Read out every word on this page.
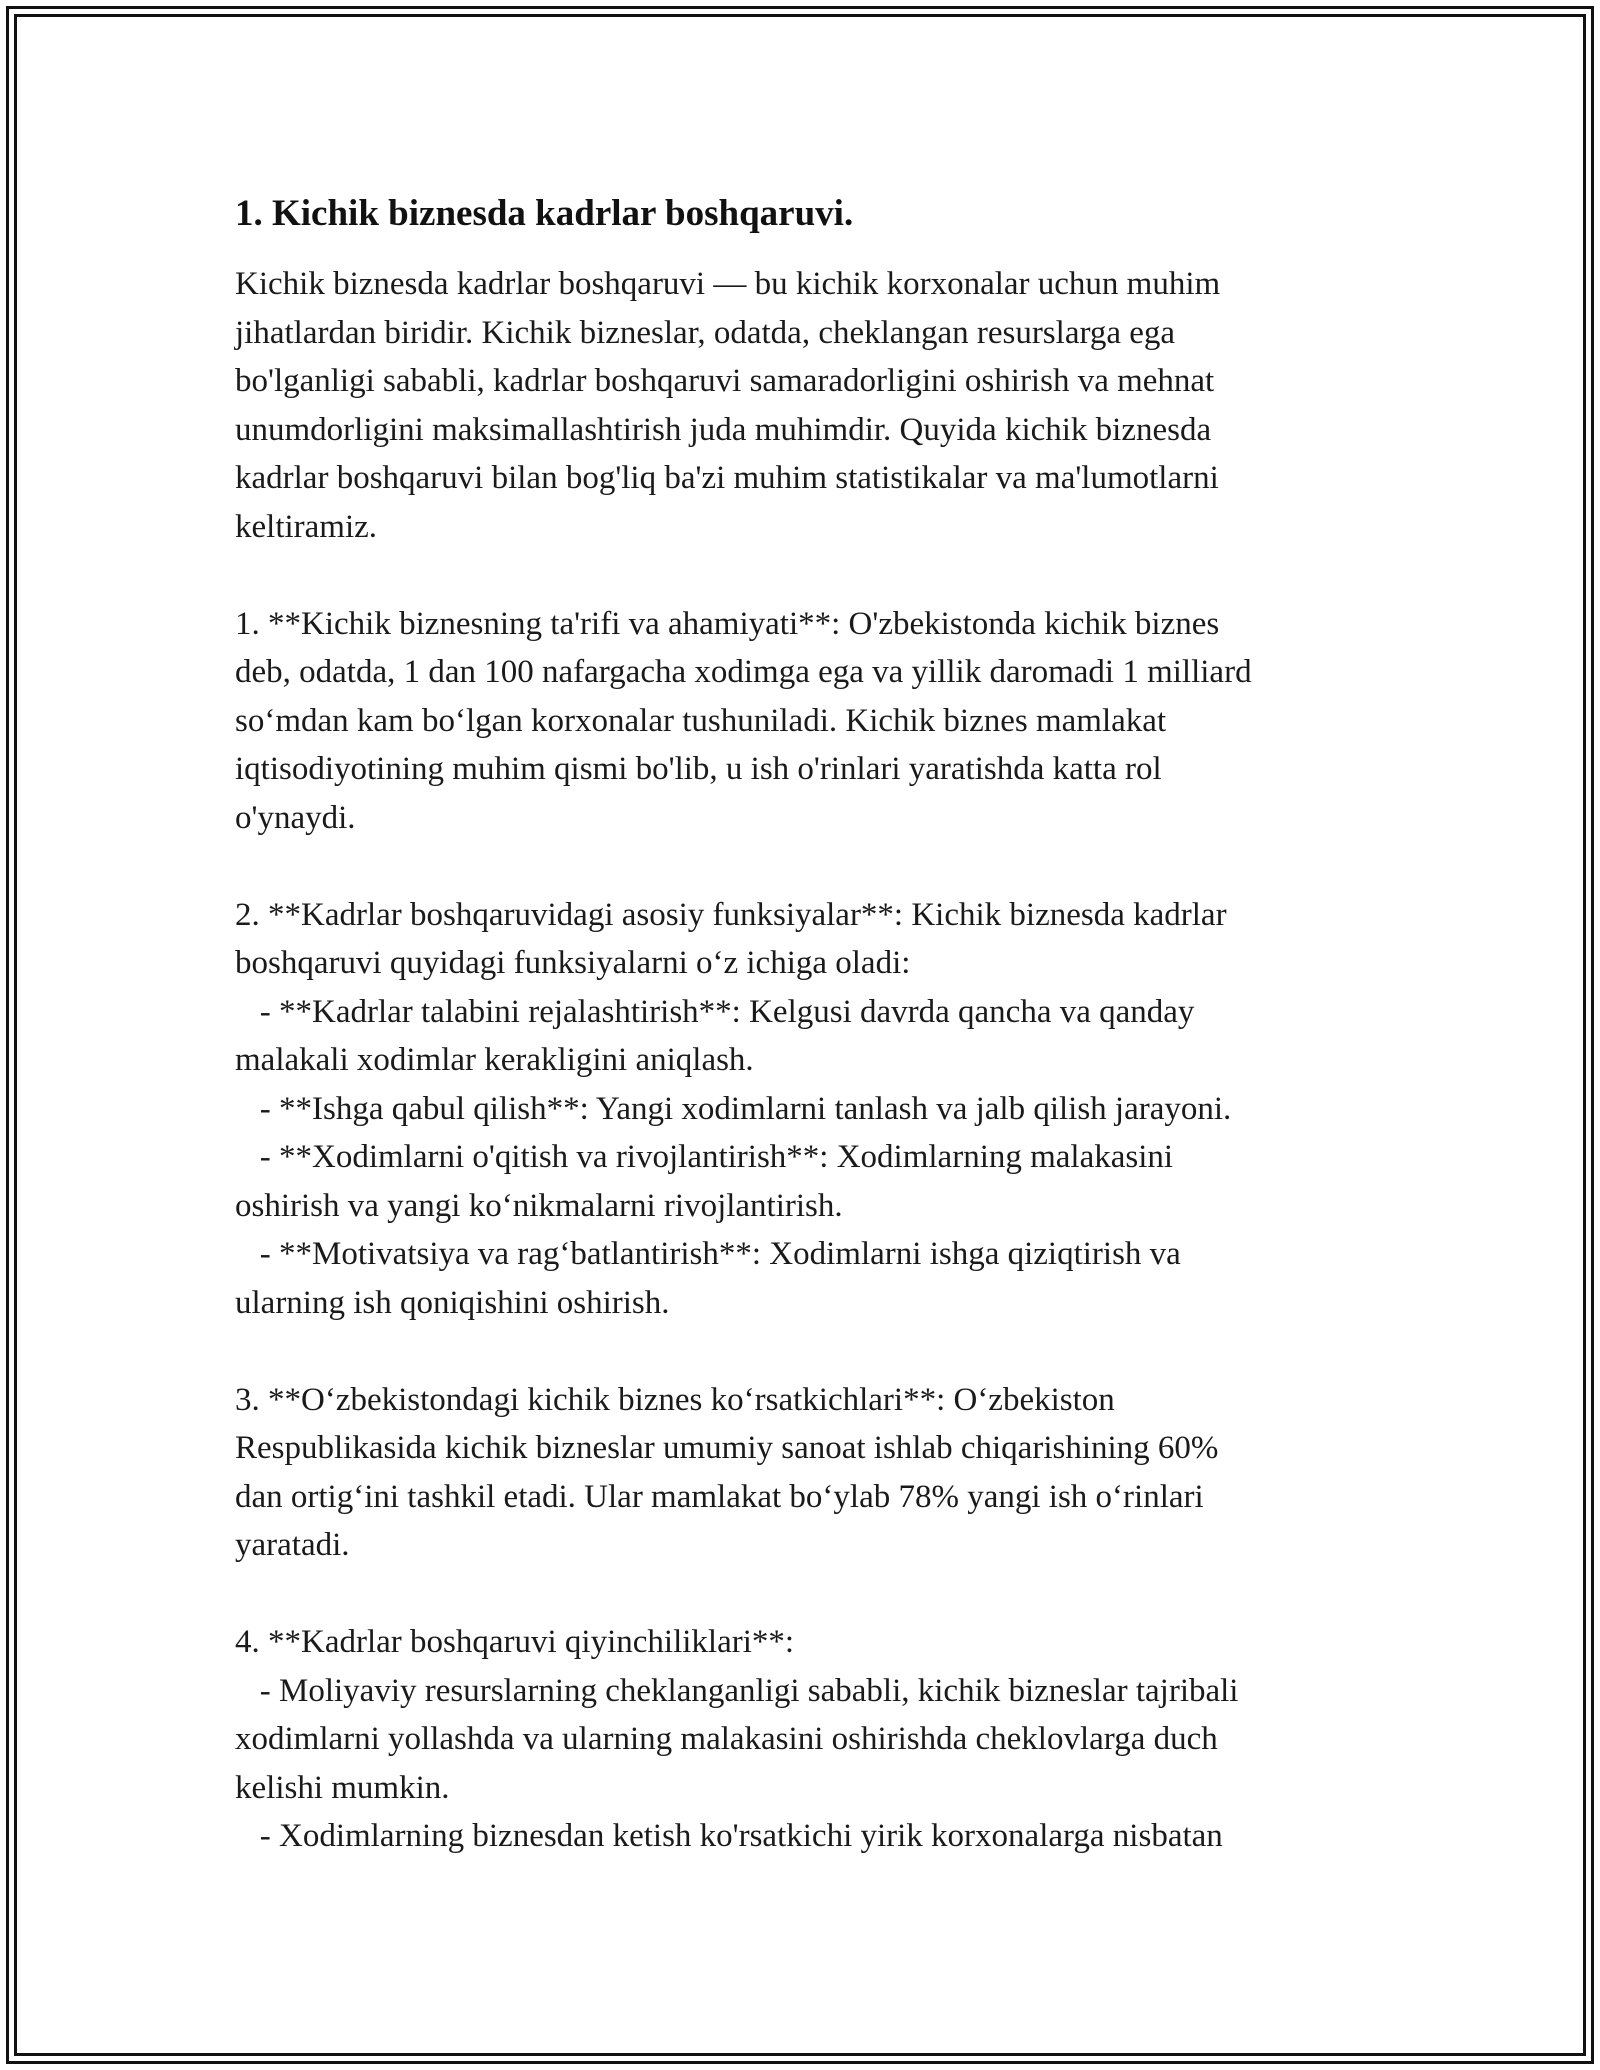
1. Kichik biznesda kadrlar boshqaruvi.

Kichik biznesda kadrlar boshqaruvi — bu kichik korxonalar uchun muhim
jihatlardan biridir. Kichik bizneslar, odatda, cheklangan resurslarga ega
bo'lganligi sababli, kadrlar boshqaruvi samaradorligini oshirish va mehnat
unumdorligini maksimallashtirish juda muhimdir. Quyida kichik biznesda
kadrlar boshqaruvi bilan bog'liq ba'zi muhim statistikalar va ma'lumotlarni
keltiramiz.

1. **Kichik biznesning ta'rifi va ahamiyati**: O'zbekistonda kichik biznes
deb, odatda, 1 dan 100 nafargacha xodimga ega va yillik daromadi 1 milliard
so‘mdan kam bo‘lgan korxonalar tushuniladi. Kichik biznes mamlakat
iqtisodiyotining muhim qismi bo'lib, u ish o'rinlari yaratishda katta rol
o'ynaydi.

2. **Kadrlar boshqaruvidagi asosiy funksiyalar**: Kichik biznesda kadrlar
boshqaruvi quyidagi funksiyalarni o‘z ichiga oladi:
- **Kadrlar talabini rejalashtirish**: Kelgusi davrda qancha va qanday
malakali xodimlar kerakligini aniqlash.
- **Ishga qabul qilish**: Yangi xodimlarni tanlash va jalb qilish jarayoni.
- **Xodimlarni o'qitish va rivojlantirish**: Xodimlarning malakasini
oshirish va yangi ko‘nikmalarni rivojlantirish.
- **Motivatsiya va rag‘batlantirish**: Xodimlarni ishga qiziqtirish va
ularning ish qoniqishini oshirish.

3. **O‘zbekistondagi kichik biznes ko‘rsatkichlari**: O‘zbekiston
Respublikasida kichik bizneslar umumiy sanoat ishlab chiqarishining 60%
dan ortig‘ini tashkil etadi. Ular mamlakat bo‘ylab 78% yangi ish o‘rinlari
yaratadi.

4. **Kadrlar boshqaruvi qiyinchiliklari**:
- Moliyaviy resurslarning cheklanganligi sababli, kichik bizneslar tajribali
xodimlarni yollashda va ularning malakasini oshirishda cheklovlarga duch
kelishi mumkin.
- Xodimlarning biznesdan ketish ko'rsatkichi yirik korxonalarga nisbatan
